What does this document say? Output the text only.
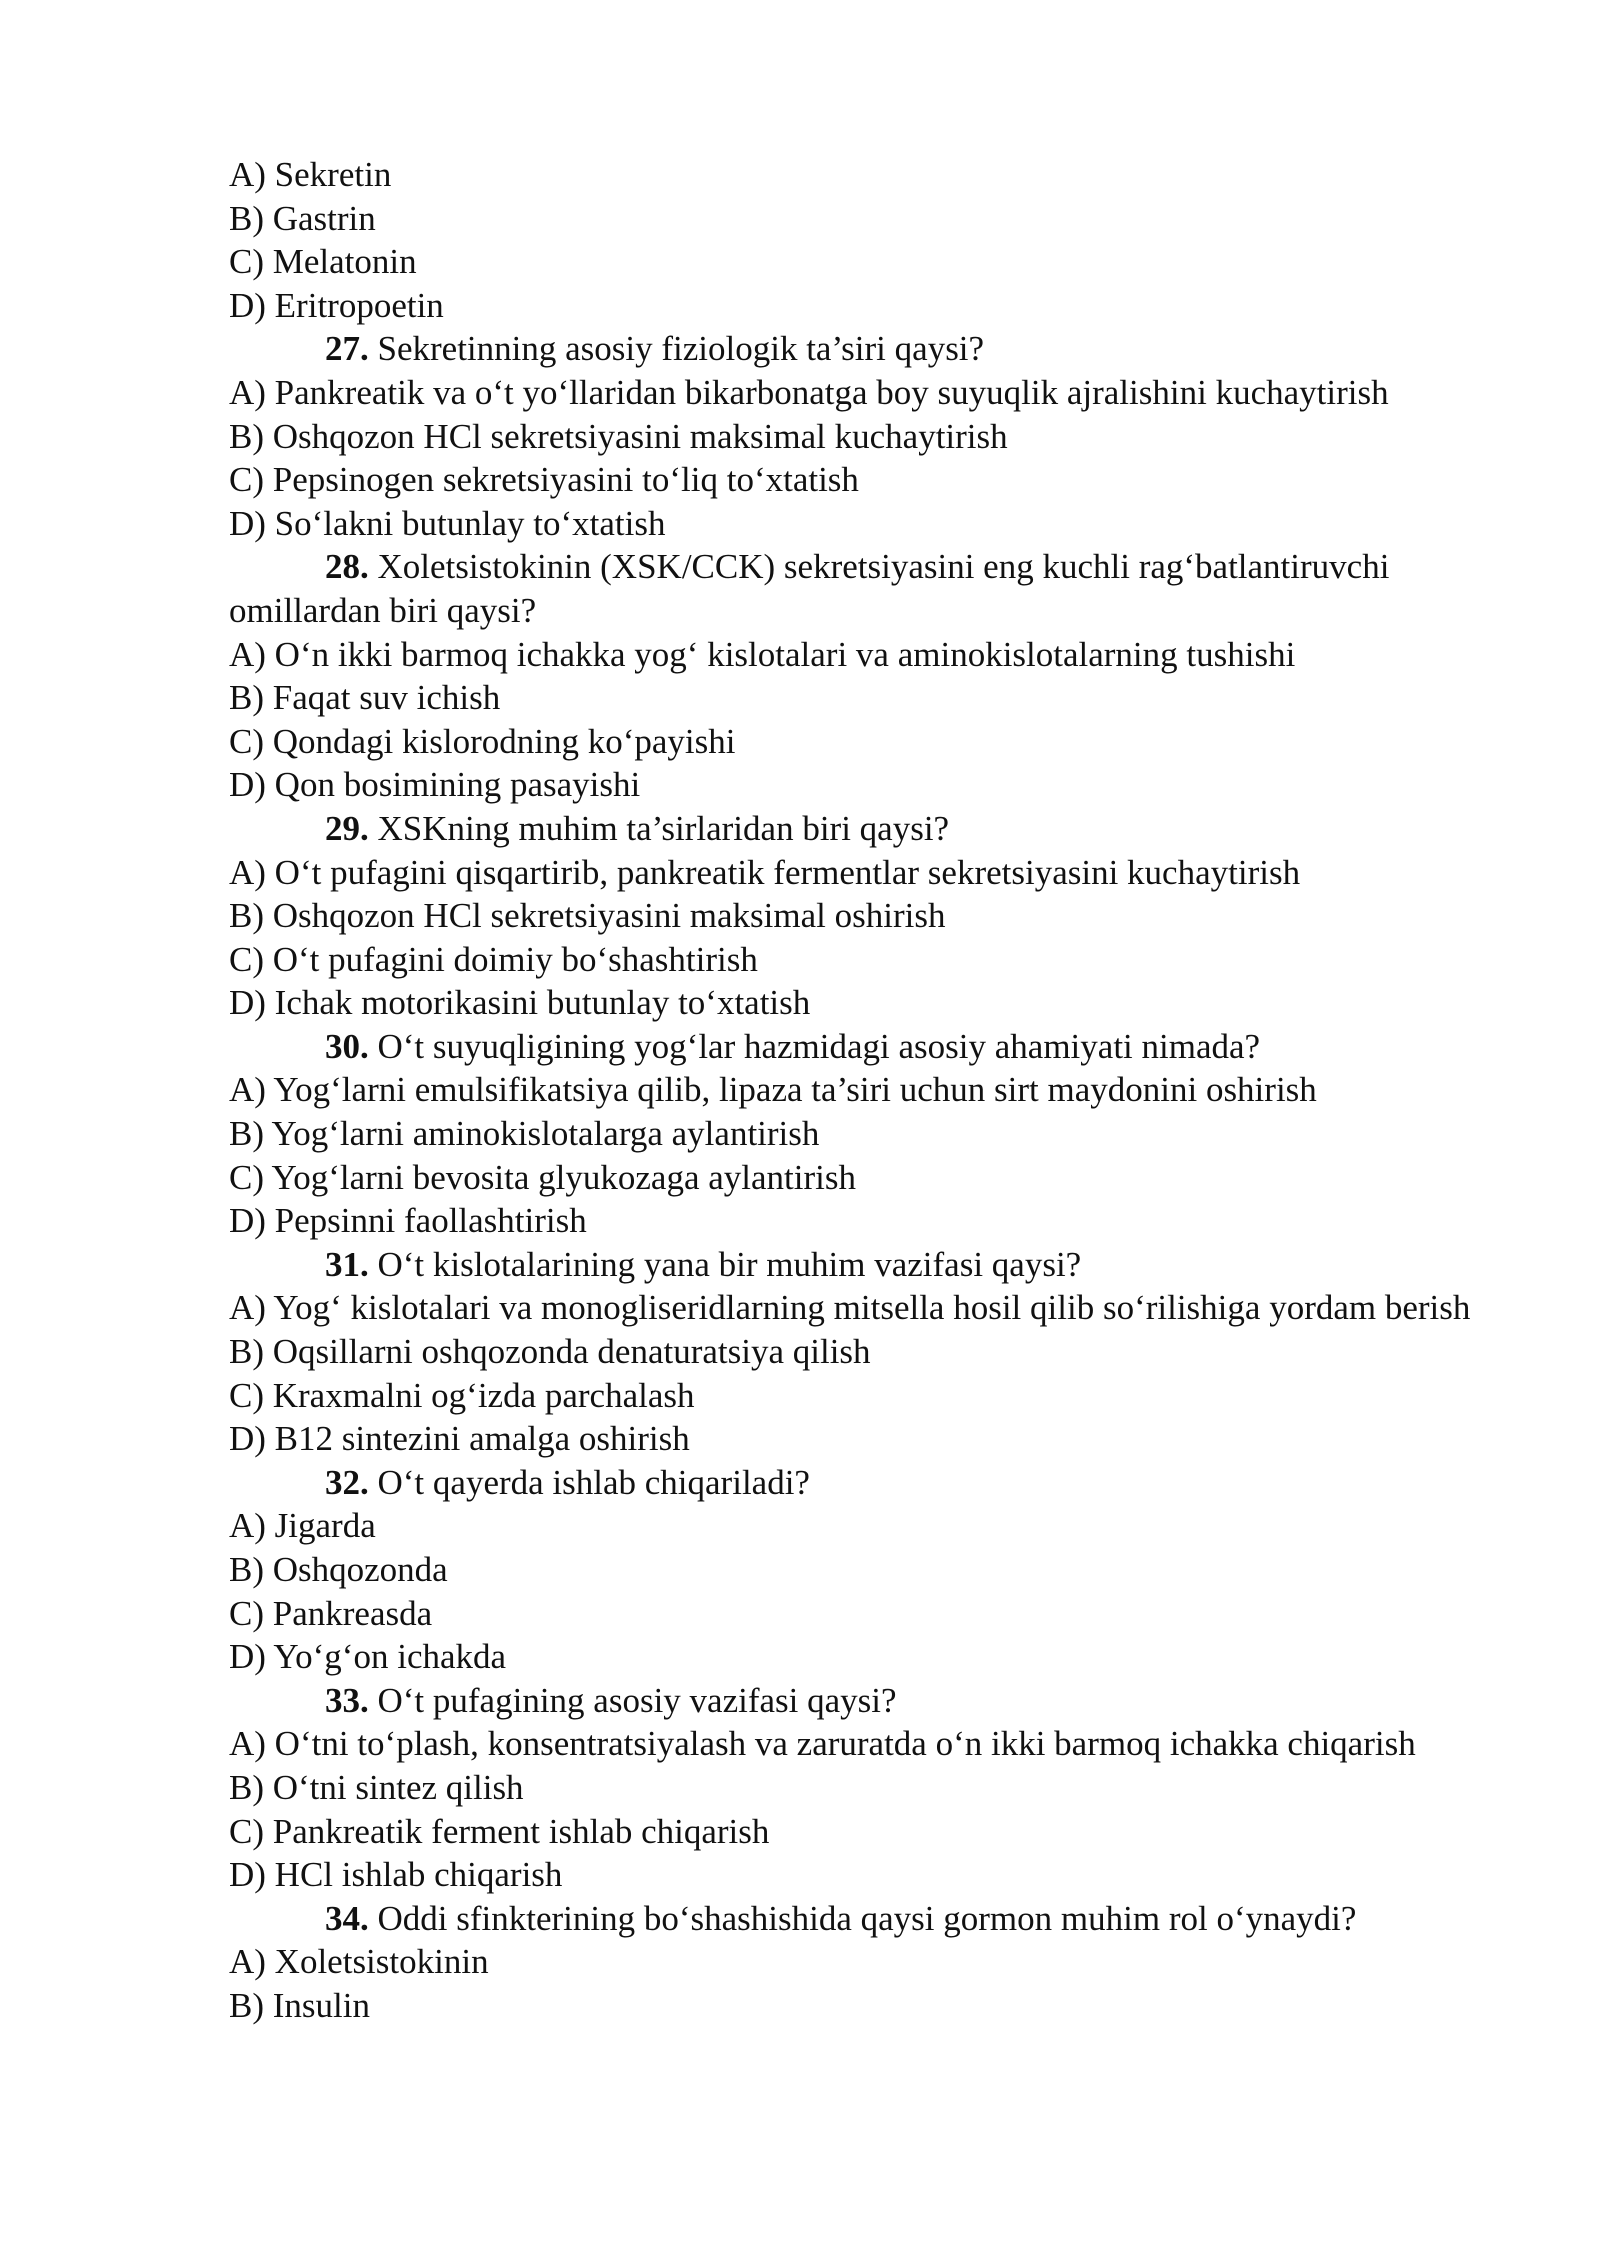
A) Sekretin

B) Gastrin

C) Melatonin

D) Eritropoetin

27. Sekretinning asosiy fiziologik ta’siri qaysi?

A) Pankreatik va o‘t yo‘llaridan bikarbonatga boy suyuqlik ajralishini kuchaytirish

B) Oshqozon HCl sekretsiyasini maksimal kuchaytirish

C) Pepsinogen sekretsiyasini to‘liq to‘xtatish

D) So‘lakni butunlay to‘xtatish

28. Xoletsistokinin (XSK/CCK) sekretsiyasini eng kuchli rag‘batlantiruvchi omillardan biri qaysi?

A) O‘n ikki barmoq ichakka yog‘ kislotalari va aminokislotalarning tushishi

B) Faqat suv ichish

C) Qondagi kislorodning ko‘payishi

D) Qon bosimining pasayishi

29. XSKning muhim ta’sirlaridan biri qaysi?

A) O‘t pufagini qisqartirib, pankreatik fermentlar sekretsiyasini kuchaytirish

B) Oshqozon HCl sekretsiyasini maksimal oshirish

C) O‘t pufagini doimiy bo‘shashtirish

D) Ichak motorikasini butunlay to‘xtatish

30. O‘t suyuqligining yog‘lar hazmidagi asosiy ahamiyati nimada?

A) Yog‘larni emulsifikatsiya qilib, lipaza ta’siri uchun sirt maydonini oshirish

B) Yog‘larni aminokislotalarga aylantirish

C) Yog‘larni bevosita glyukozaga aylantirish

D) Pepsinni faollashtirish

31. O‘t kislotalarining yana bir muhim vazifasi qaysi?

A) Yog‘ kislotalari va monogliseridlarning mitsella hosil qilib so‘rilishiga yordam berish

B) Oqsillarni oshqozonda denaturatsiya qilish

C) Kraxmalni og‘izda parchalash

D) B12 sintezini amalga oshirish

32. O‘t qayerda ishlab chiqariladi?

A) Jigarda

B) Oshqozonda

C) Pankreasda

D) Yo‘g‘on ichakda

33. O‘t pufagining asosiy vazifasi qaysi?

A) O‘tni to‘plash, konsentratsiyalash va zaruratda o‘n ikki barmoq ichakka chiqarish

B) O‘tni sintez qilish

C) Pankreatik ferment ishlab chiqarish

D) HCl ishlab chiqarish

34. Oddi sfinkterining bo‘shashishida qaysi gormon muhim rol o‘ynaydi?

A) Xoletsistokinin

B) Insulin
